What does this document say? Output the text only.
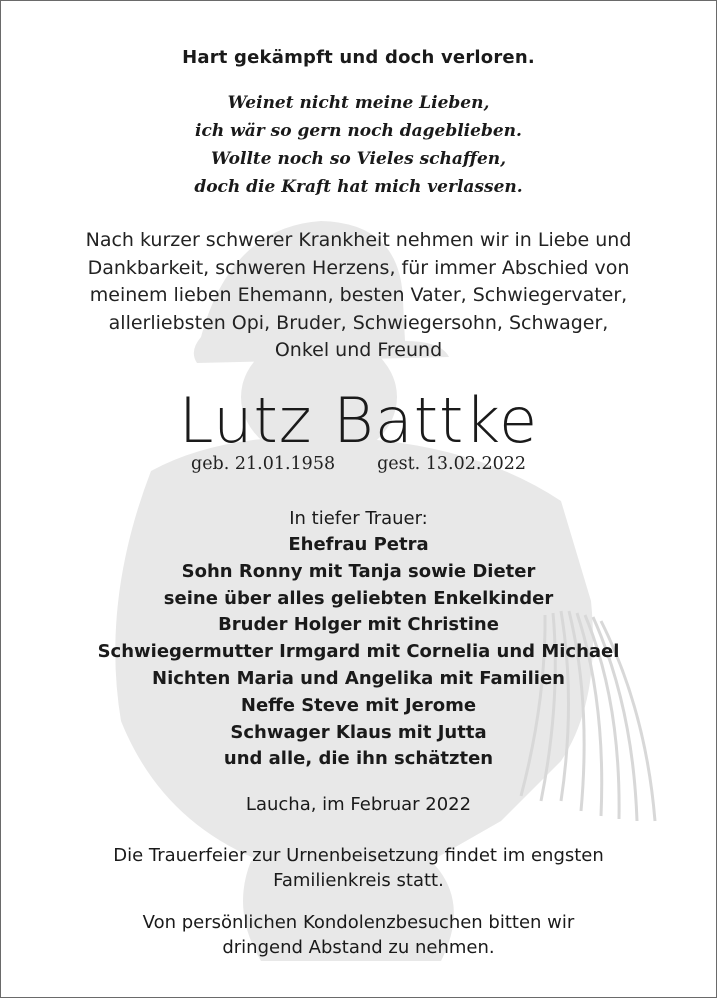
Hart gekämpft und doch verloren.
Weinet nicht meine Lieben,
ich wär so gern noch dageblieben.
Wollte noch so Vieles schaffen,
doch die Kraft hat mich verlassen.
Nach kurzer schwerer Krankheit nehmen wir in Liebe und
Dankbarkeit, schweren Herzens, für immer Abschied von
meinem lieben Ehemann, besten Vater, Schwiegervater,
allerliebsten Opi, Bruder, Schwiegersohn, Schwager,
Onkel und Freund
Lutz Battke
geb. 21.01.1958 gest. 13.02.2022
In tiefer Trauer:
Ehefrau Petra
Sohn Ronny mit Tanja sowie Dieter
seine über alles geliebten Enkelkinder
Bruder Holger mit Christine
Schwiegermutter Irmgard mit Cornelia und Michael
Nichten Maria und Angelika mit Familien
Neffe Steve mit Jerome
Schwager Klaus mit Jutta
und alle, die ihn schätzten
Laucha, im Februar 2022
Die Trauerfeier zur Urnenbeisetzung findet im engsten
Familienkreis statt.
Von persönlichen Kondolenzbesuchen bitten wir
dringend Abstand zu nehmen.
